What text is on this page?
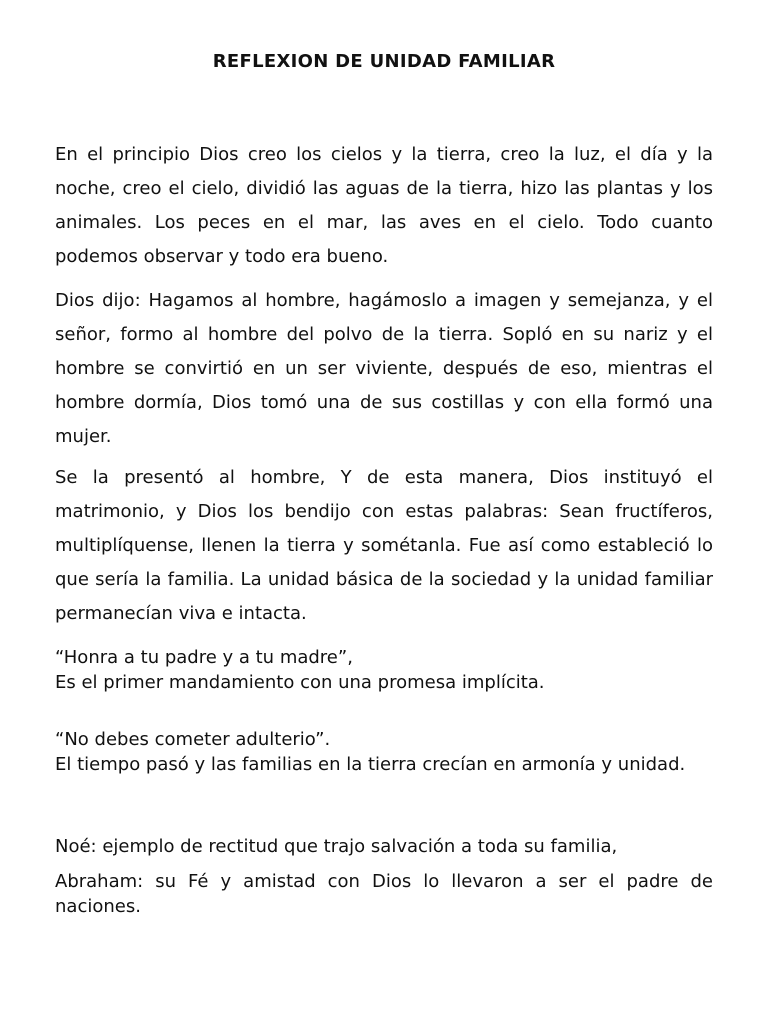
REFLEXION DE UNIDAD FAMILIAR

En el principio Dios creo los cielos y la tierra, creo la luz, el día y la noche, creo el cielo, dividió las aguas de la tierra, hizo las plantas y los animales. Los peces en el mar, las aves en el cielo. Todo cuanto podemos observar y todo era bueno.

Dios dijo: Hagamos al hombre, hagámoslo a imagen y semejanza, y el señor, formo al hombre del polvo de la tierra. Sopló en su nariz y el hombre se convirtió en un ser viviente, después de eso, mientras el hombre dormía, Dios tomó una de sus costillas y con ella formó una mujer.

Se la presentó al hombre, Y de esta manera, Dios instituyó el matrimonio, y Dios los bendijo con estas palabras: Sean fructíferos, multiplíquense, llenen la tierra y sométanla. Fue así como estableció lo que sería la familia. La unidad básica de la sociedad y la unidad familiar permanecían viva e intacta.

“Honra a tu padre y a tu madre”,
Es el primer mandamiento con una promesa implícita.

“No debes cometer adulterio”.
El tiempo pasó y las familias en la tierra crecían en armonía y unidad.

Noé: ejemplo de rectitud que trajo salvación a toda su familia,

Abraham: su Fé y amistad con Dios lo llevaron a ser el padre de naciones.
